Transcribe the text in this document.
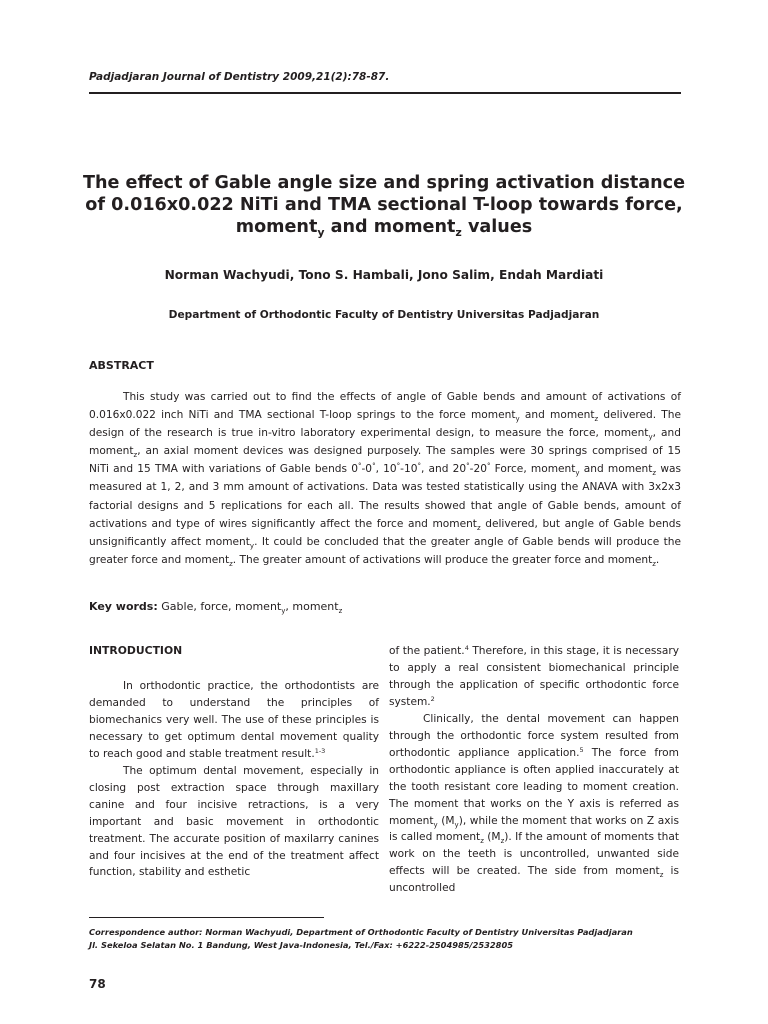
Padjadjaran Journal of Dentistry 2009,21(2):78-87.
The effect of Gable angle size and spring activation distance
of 0.016x0.022 NiTi and TMA sectional T-loop towards force,
moment$_y$ and moment$_z$ values
Norman Wachyudi, Tono S. Hambali, Jono Salim, Endah Mardiati
Department of Orthodontic Faculty of Dentistry Universitas Padjadjaran
ABSTRACT

This study was carried out to find the effects of angle of Gable bends and amount of activations of 0.016x0.022 inch NiTi and TMA sectional T-loop springs to the force moment$_y$ and moment$_z$ delivered. The design of the research is true in-vitro laboratory experimental design, to measure the force, moment$_y$, and moment$_z$, an axial moment devices was designed purposely. The samples were 30 springs comprised of 15 NiTi and 15 TMA with variations of Gable bends 0°-0°, 10°-10°, and 20°-20° Force, moment$_y$ and moment$_z$ was measured at 1, 2, and 3 mm amount of activations. Data was tested statistically using the ANAVA with 3x2x3 factorial designs and 5 replications for each all. The results showed that angle of Gable bends, amount of activations and type of wires significantly affect the force and moment$_z$ delivered, but angle of Gable bends unsignificantly affect moment$_y$. It could be concluded that the greater angle of Gable bends will produce the greater force and moment$_z$. The greater amount of activations will produce the greater force and moment$_z$.

Key words: Gable, force, moment$_y$, moment$_z$

INTRODUCTION

In orthodontic practice, the orthodontists are demanded to understand the principles of biomechanics very well. The use of these principles is necessary to get optimum dental movement quality to reach good and stable treatment result.$^{1-3}$

The optimum dental movement, especially in closing post extraction space through maxillary canine and four incisive retractions, is a very important and basic movement in orthodontic treatment. The accurate position of maxilarry canines and four incisives at the end of the treatment affect function, stability and esthetic

of the patient.$^4$ Therefore, in this stage, it is necessary to apply a real consistent biomechanical principle through the application of specific orthodontic force system.$^2$

Clinically, the dental movement can happen through the orthodontic force system resulted from orthodontic appliance application.$^5$ The force from orthodontic appliance is often applied inaccurately at the tooth resistant core leading to moment creation. The moment that works on the Y axis is referred as moment$_y$ $(M_y)$, while the moment that works on Z axis is called moment$_z$ $(M_z)$. If the amount of moments that work on the teeth is uncontrolled, unwanted side effects will be created. The side from moment$_z$ is uncontrolled

Correspondence author: Norman Wachyudi, Department of Orthodontic Faculty of Dentistry Universitas Padjadjaran
Jl. Sekeloa Selatan No. 1 Bandung, West Java-Indonesia, Tel./Fax: +6222-2504985/2532805
78
